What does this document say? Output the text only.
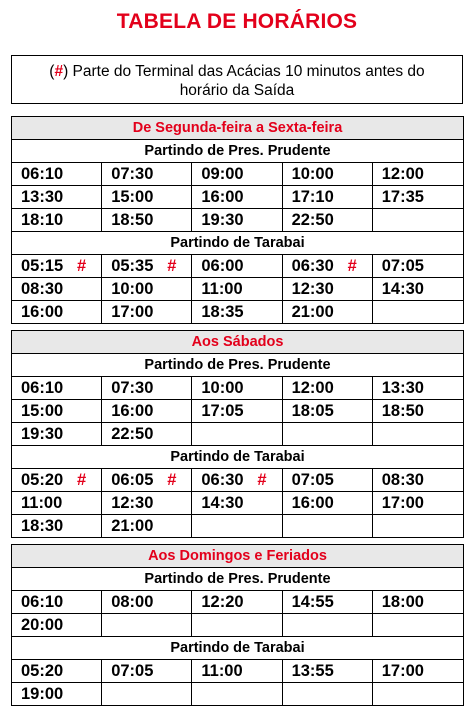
TABELA DE HORÁRIOS
(#) Parte do Terminal das Acácias 10 minutos antes do
horário da Saída
De Segunda-feira a Sexta-feira
Partindo de Pres. Prudente
06:10	07:30	09:00	10:00	12:00
13:30	15:00	16:00	17:10	17:35
18:10	18:50	19:30	22:50
Partindo de Tarabai
05:15 #	05:35 #	06:00	06:30 #	07:05
08:30	10:00	11:00	12:30	14:30
16:00	17:00	18:35	21:00
Aos Sábados
Partindo de Pres. Prudente
06:10	07:30	10:00	12:00	13:30
15:00	16:00	17:05	18:05	18:50
19:30	22:50
Partindo de Tarabai
05:20 #	06:05 #	06:30 #	07:05	08:30
11:00	12:30	14:30	16:00	17:00
18:30	21:00
Aos Domingos e Feriados
Partindo de Pres. Prudente
06:10	08:00	12:20	14:55	18:00
20:00
Partindo de Tarabai
05:20	07:05	11:00	13:55	17:00
19:00
